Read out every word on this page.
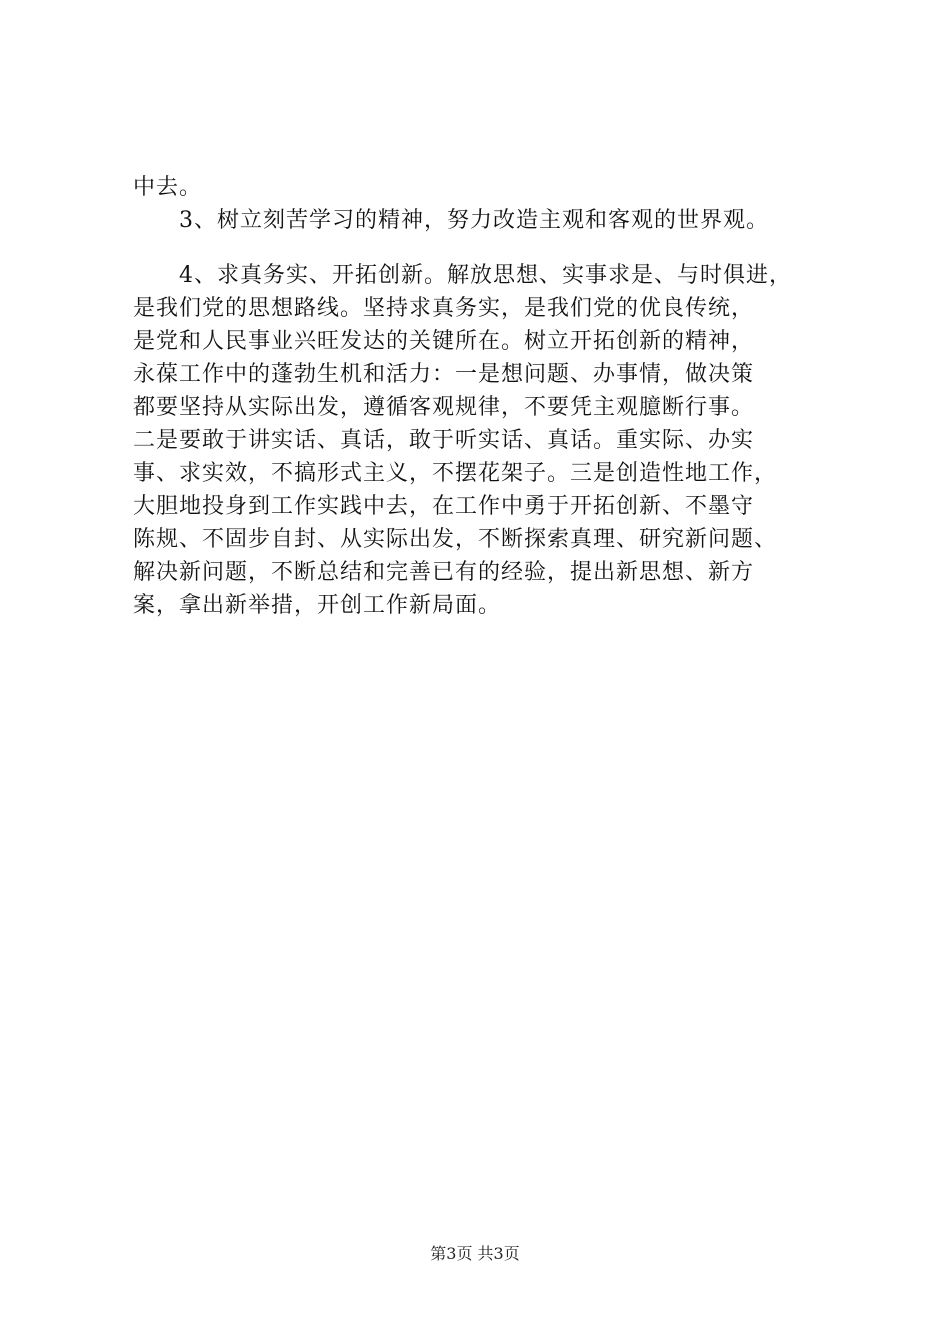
中去。
3、树立刻苦学习的精神，努力改造主观和客观的世界观。
4、求真务实、开拓创新。解放思想、实事求是、与时俱进，
是我们党的思想路线。坚持求真务实，是我们党的优良传统，
是党和人民事业兴旺发达的关键所在。树立开拓创新的精神，
永葆工作中的蓬勃生机和活力：一是想问题、办事情，做决策
都要坚持从实际出发，遵循客观规律，不要凭主观臆断行事。
二是要敢于讲实话、真话，敢于听实话、真话。重实际、办实
事、求实效，不搞形式主义，不摆花架子。三是创造性地工作，
大胆地投身到工作实践中去，在工作中勇于开拓创新、不墨守
陈规、不固步自封、从实际出发，不断探索真理、研究新问题、
解决新问题，不断总结和完善已有的经验，提出新思想、新方
案，拿出新举措，开创工作新局面。
第3页 共3页
